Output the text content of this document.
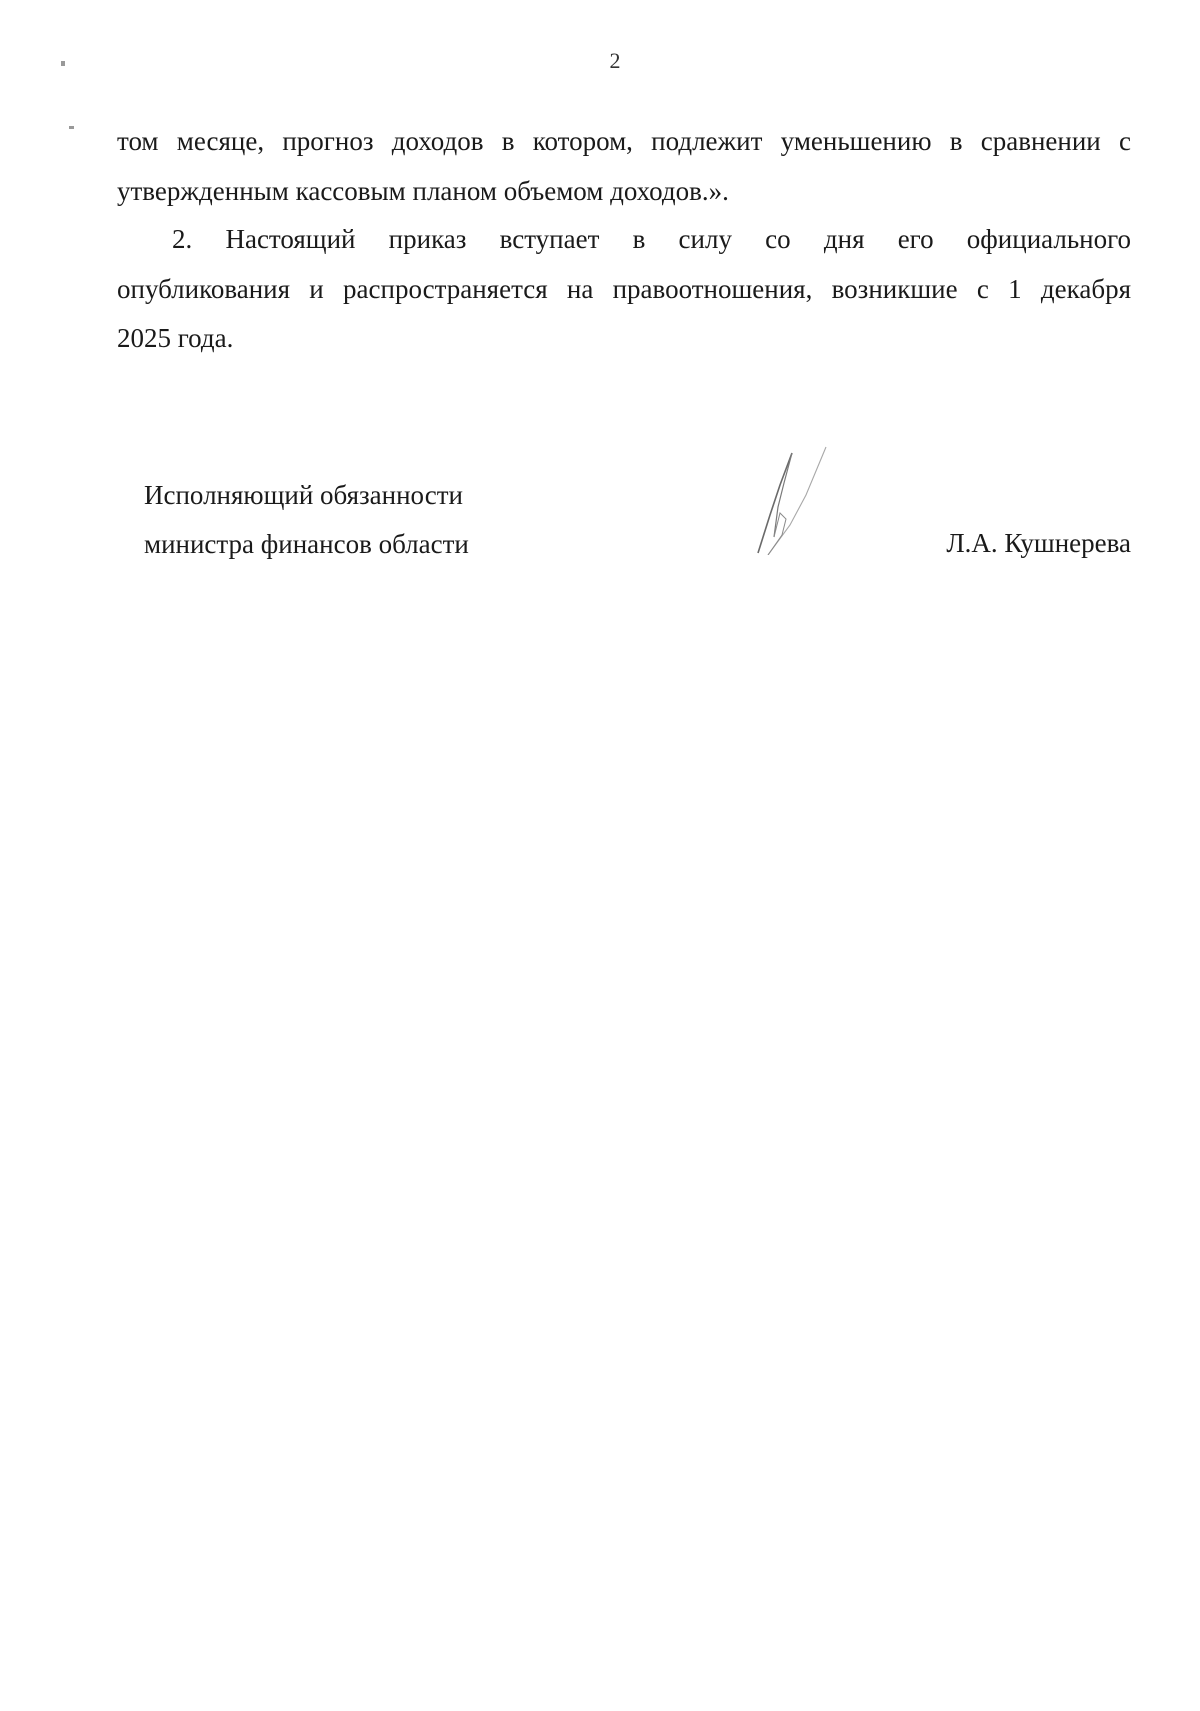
2
том месяце, прогноз доходов в котором, подлежит уменьшению в сравнении с
утвержденным кассовым планом объемом доходов.».
2. Настоящий приказ вступает в силу со дня его официального
опубликования и распространяется на правоотношения, возникшие с 1 декабря
2025 года.
Исполняющий обязанности
министра финансов области	Л.А. Кушнерева
